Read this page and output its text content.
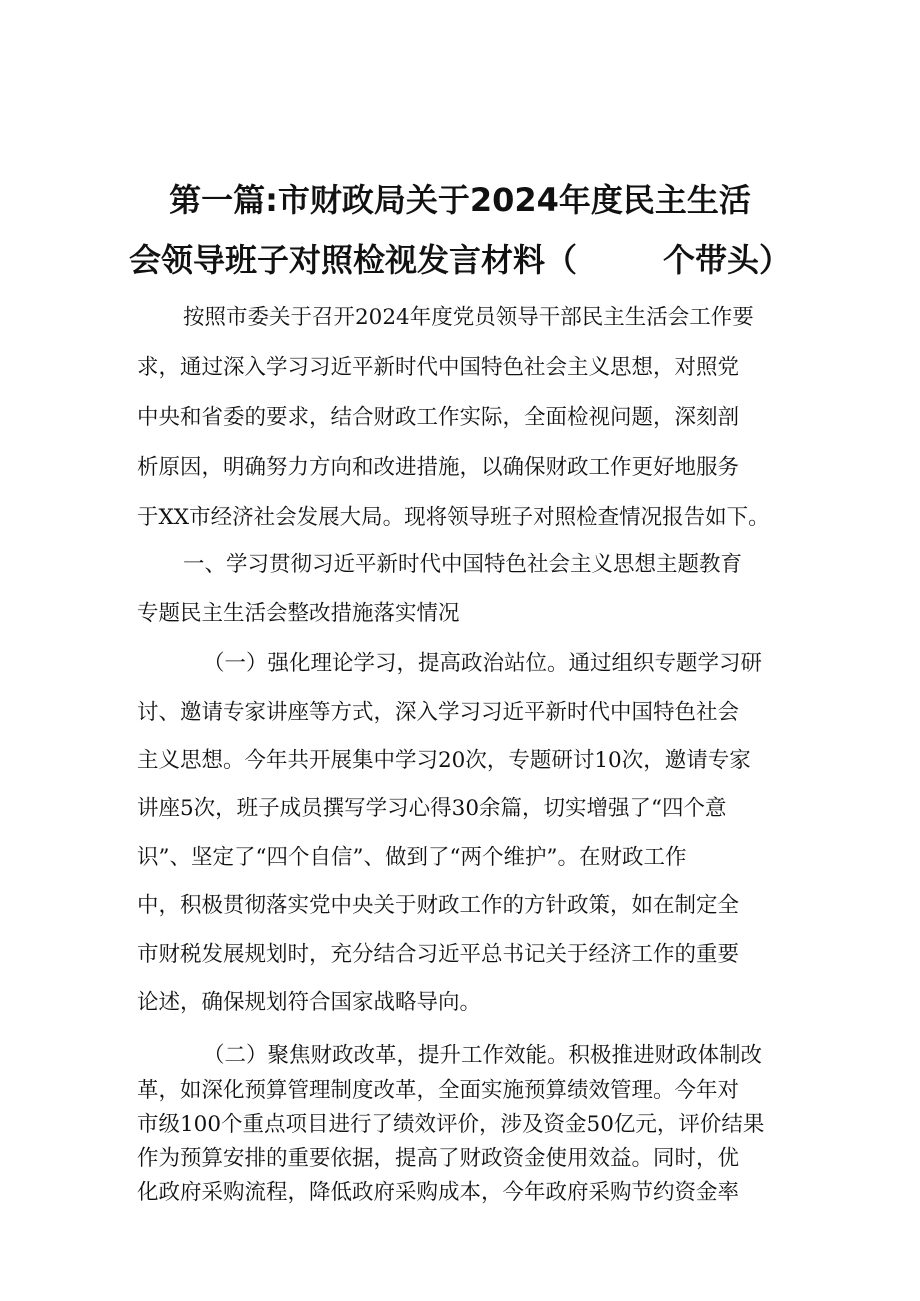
第一篇:市财政局关于2024年度民主生活
会领导班子对照检视发言材料（	个带头）
按照市委关于召开2024年度党员领导干部民主生活会工作要
求，通过深入学习习近平新时代中国特色社会主义思想，对照党
中央和省委的要求，结合财政工作实际，全面检视问题，深刻剖
析原因，明确努力方向和改进措施，以确保财政工作更好地服务
于XX市经济社会发展大局。现将领导班子对照检查情况报告如下。
一、学习贯彻习近平新时代中国特色社会主义思想主题教育
专题民主生活会整改措施落实情况
（一）强化理论学习，提高政治站位。通过组织专题学习研
讨、邀请专家讲座等方式，深入学习习近平新时代中国特色社会
主义思想。今年共开展集中学习20次，专题研讨10次，邀请专家
讲座5次，班子成员撰写学习心得30余篇，切实增强了“四个意
识”、坚定了“四个自信”、做到了“两个维护”。在财政工作
中，积极贯彻落实党中央关于财政工作的方针政策，如在制定全
市财税发展规划时，充分结合习近平总书记关于经济工作的重要
论述，确保规划符合国家战略导向。
（二）聚焦财政改革，提升工作效能。积极推进财政体制改
革，如深化预算管理制度改革，全面实施预算绩效管理。今年对
市级100个重点项目进行了绩效评价，涉及资金50亿元，评价结果
作为预算安排的重要依据，提高了财政资金使用效益。同时，优
化政府采购流程，降低政府采购成本，今年政府采购节约资金率
